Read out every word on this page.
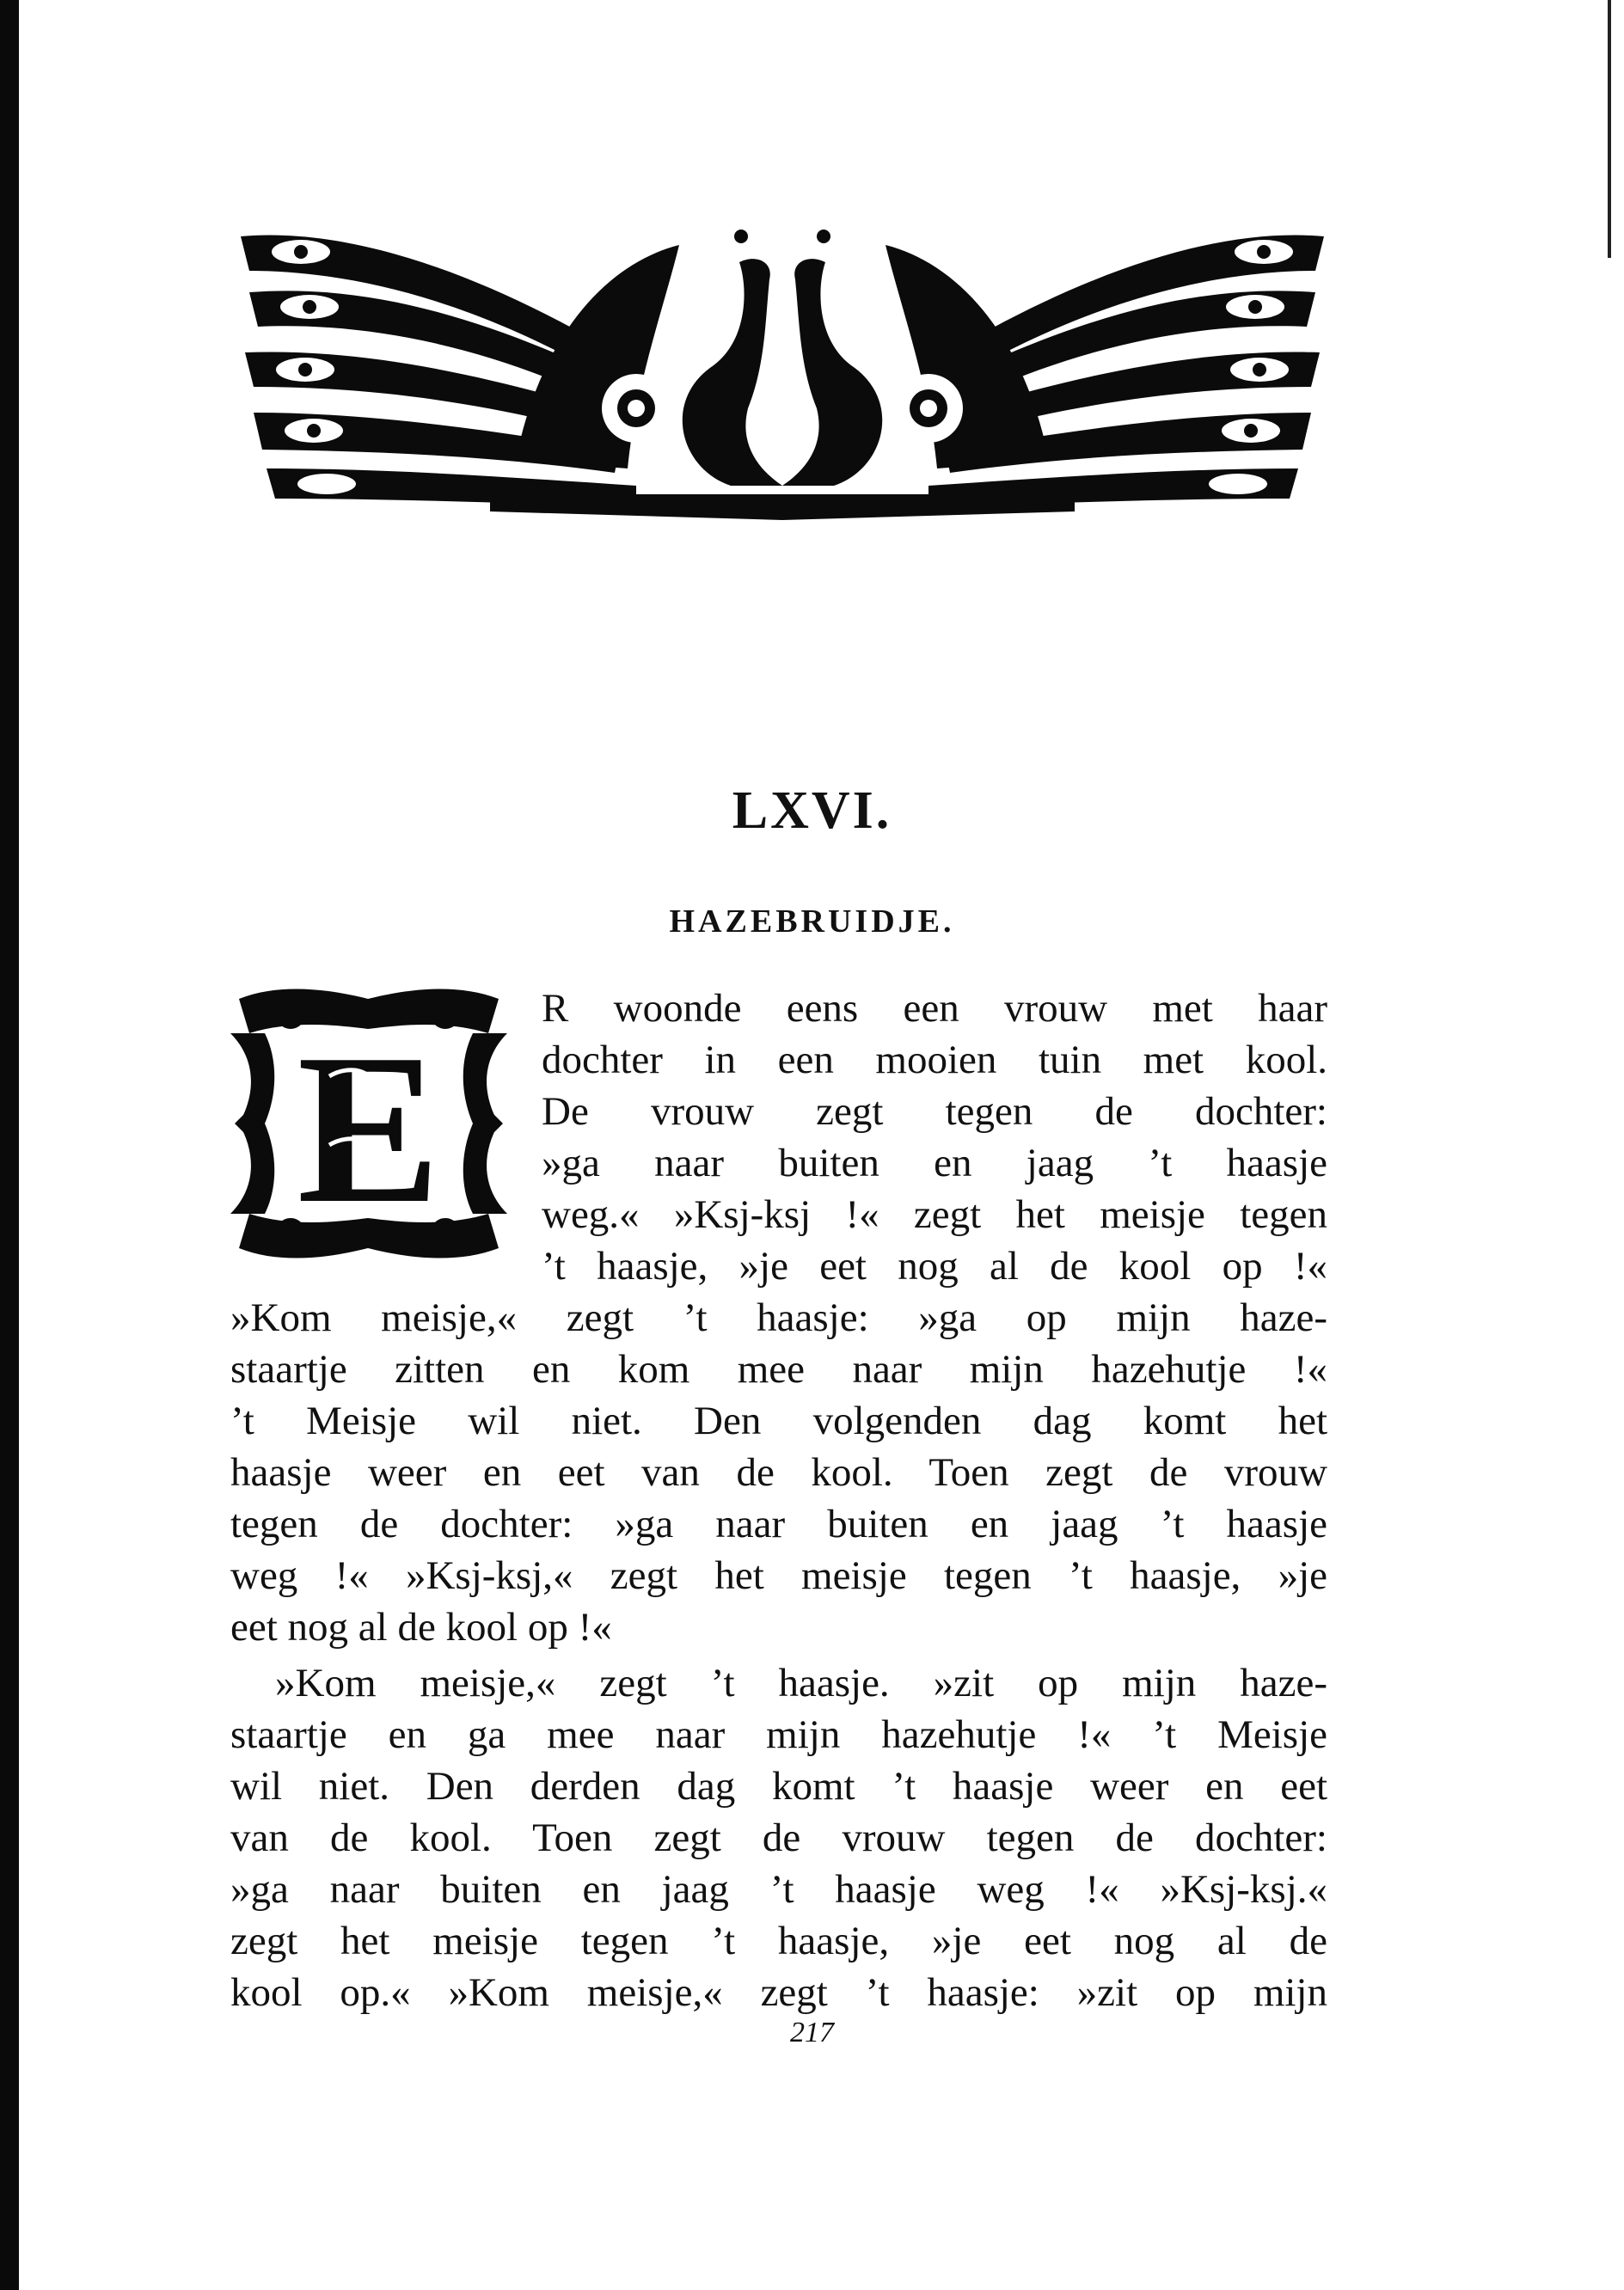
LXVI.
HAZEBRUIDJE.
E
R woonde eens een vrouw met haar
dochter in een mooien tuin met kool.
De vrouw zegt tegen de dochter:
»ga naar buiten en jaag ’t haasje
weg.« »Ksj-ksj !« zegt het meisje tegen
’t haasje, »je eet nog al de kool op !«
»Kom meisje,« zegt ’t haasje: »ga op mijn haze-
staartje zitten en kom mee naar mijn hazehutje !«
’t Meisje wil niet. Den volgenden dag komt het
haasje weer en eet van de kool. Toen zegt de vrouw
tegen de dochter: »ga naar buiten en jaag ’t haasje
weg !« »Ksj-ksj,« zegt het meisje tegen ’t haasje, »je
eet nog al de kool op !«
»Kom meisje,« zegt ’t haasje. »zit op mijn haze-
staartje en ga mee naar mijn hazehutje !« ’t Meisje
wil niet. Den derden dag komt ’t haasje weer en eet
van de kool. Toen zegt de vrouw tegen de dochter:
»ga naar buiten en jaag ’t haasje weg !« »Ksj-ksj.«
zegt het meisje tegen ’t haasje, »je eet nog al de
kool op.« »Kom meisje,« zegt ’t haasje: »zit op mijn
217
